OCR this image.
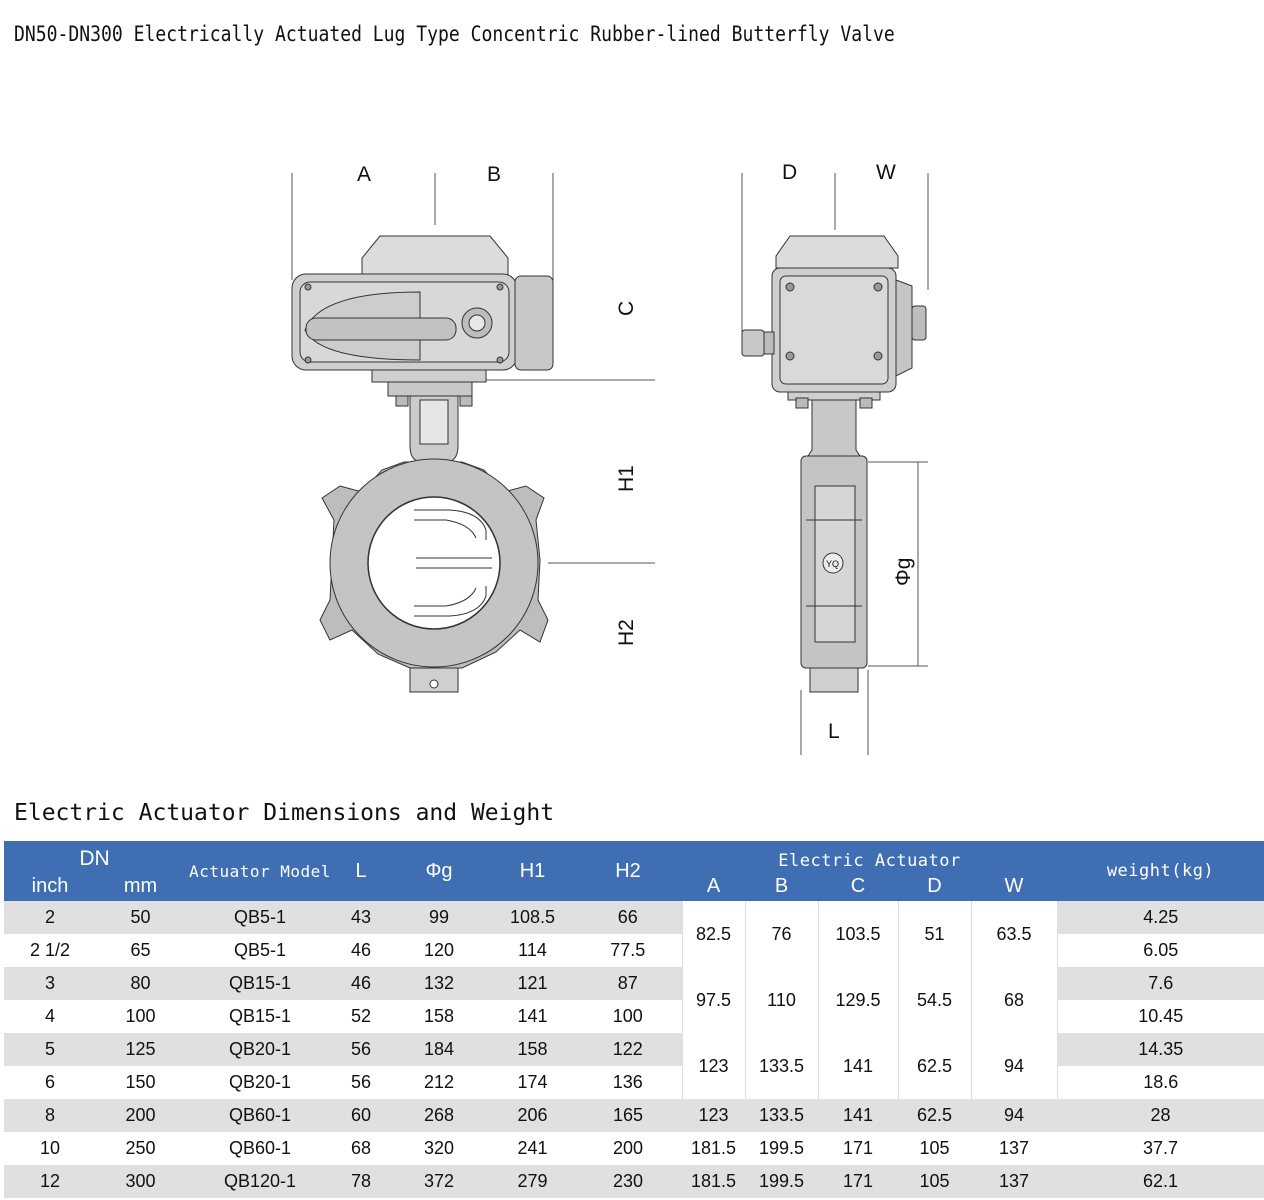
DN50-DN300 Electrically Actuated Lug Type Concentric Rubber-lined Butterfly Valve
A	B
C
H1
H2
D	W
Φg
L
YQ
Electric Actuator Dimensions and Weight
DN		Actuator Model	L	Φg	H1	H2	Electric Actuator					weight(kg)
inch	mm						A	B	C	D	W	
2	50	QB5-1	43	99	108.5	66	82.5	76	103.5	51	63.5	4.25
2 1/2	65	QB5-1	46	120	114	77.5						6.05
3	80	QB15-1	46	132	121	87	97.5	110	129.5	54.5	68	7.6
4	100	QB15-1	52	158	141	100						10.45
5	125	QB20-1	56	184	158	122	123	133.5	141	62.5	94	14.35
6	150	QB20-1	56	212	174	136						18.6
8	200	QB60-1	60	268	206	165	123	133.5	141	62.5	94	28
10	250	QB60-1	68	320	241	200	181.5	199.5	171	105	137	37.7
12	300	QB120-1	78	372	279	230	181.5	199.5	171	105	137	62.1
